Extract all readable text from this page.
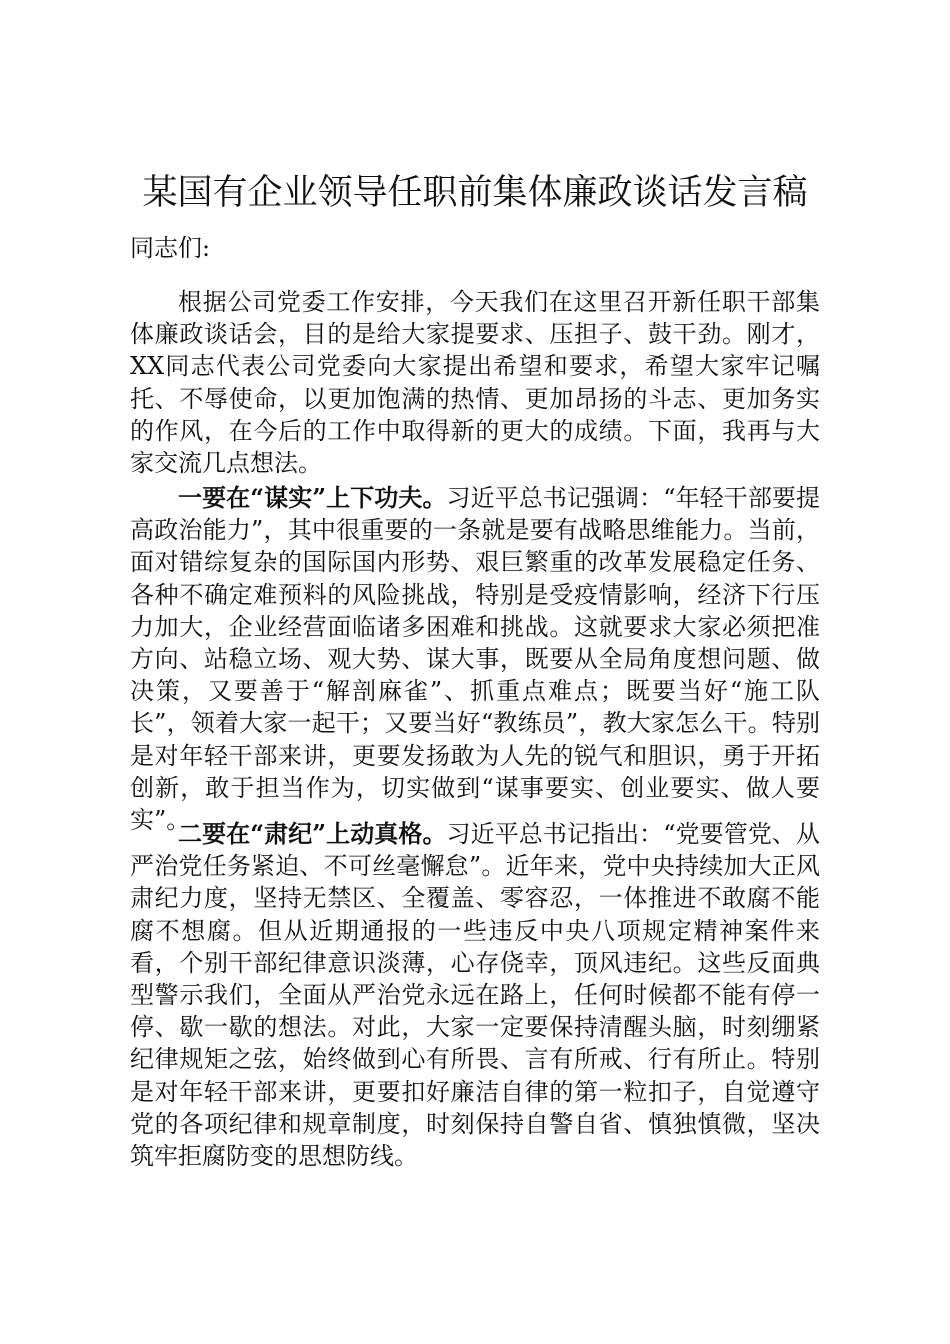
某国有企业领导任职前集体廉政谈话发言稿

同志们:

根据公司党委工作安排，今天我们在这里召开新任职干部集体廉政谈话会，目的是给大家提要求、压担子、鼓干劲。刚才，XX同志代表公司党委向大家提出希望和要求，希望大家牢记嘱托、不辱使命，以更加饱满的热情、更加昂扬的斗志、更加务实的作风，在今后的工作中取得新的更大的成绩。下面，我再与大家交流几点想法。

一要在“谋实”上下功夫。习近平总书记强调：“年轻干部要提高政治能力”，其中很重要的一条就是要有战略思维能力。当前，面对错综复杂的国际国内形势、艰巨繁重的改革发展稳定任务、各种不确定难预料的风险挑战，特别是受疫情影响，经济下行压力加大，企业经营面临诸多困难和挑战。这就要求大家必须把准方向、站稳立场、观大势、谋大事，既要从全局角度想问题、做决策，又要善于“解剖麻雀”、抓重点难点；既要当好“施工队长”，领着大家一起干；又要当好“教练员”，教大家怎么干。特别是对年轻干部来讲，更要发扬敢为人先的锐气和胆识，勇于开拓创新，敢于担当作为，切实做到“谋事要实、创业要实、做人要实”。

二要在“肃纪”上动真格。习近平总书记指出：“党要管党、从严治党任务紧迫、不可丝毫懈怠”。近年来，党中央持续加大正风肃纪力度，坚持无禁区、全覆盖、零容忍，一体推进不敢腐不能腐不想腐。但从近期通报的一些违反中央八项规定精神案件来看，个别干部纪律意识淡薄，心存侥幸，顶风违纪。这些反面典型警示我们，全面从严治党永远在路上，任何时候都不能有停一停、歇一歇的想法。对此，大家一定要保持清醒头脑，时刻绷紧纪律规矩之弦，始终做到心有所畏、言有所戒、行有所止。特别是对年轻干部来讲，更要扣好廉洁自律的第一粒扣子，自觉遵守党的各项纪律和规章制度，时刻保持自警自省、慎独慎微，坚决筑牢拒腐防变的思想防线。
